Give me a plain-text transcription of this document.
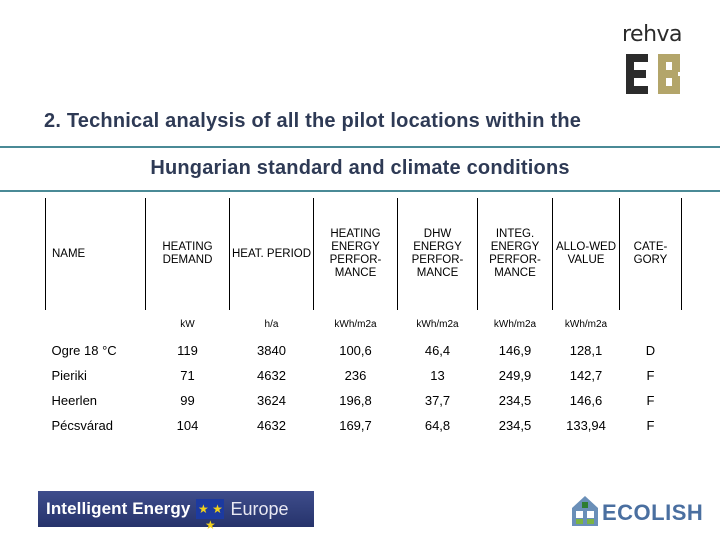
rehva
2. Technical analysis of all the pilot locations within the
Hungarian standard and climate conditions
NAME	HEATING DEMAND	HEAT. PERIOD	HEATING ENERGY PERFOR-MANCE	DHW ENERGY PERFOR-MANCE	INTEG. ENERGY PERFOR-MANCE	ALLO-WED VALUE	CATE-GORY
	kW	h/a	kWh/m2a	kWh/m2a	kWh/m2a	kWh/m2a	
Ogre 18 °C	119	3840	100,6	46,4	146,9	128,1	D
Pieriki	71	4632	236	13	249,9	142,7	F
Heerlen	99	3624	196,8	37,7	234,5	146,6	F
Pécsvárad	104	4632	169,7	64,8	234,5	133,94	F
Intelligent Energy ★ ★ ★
Europe	ECOLISH
